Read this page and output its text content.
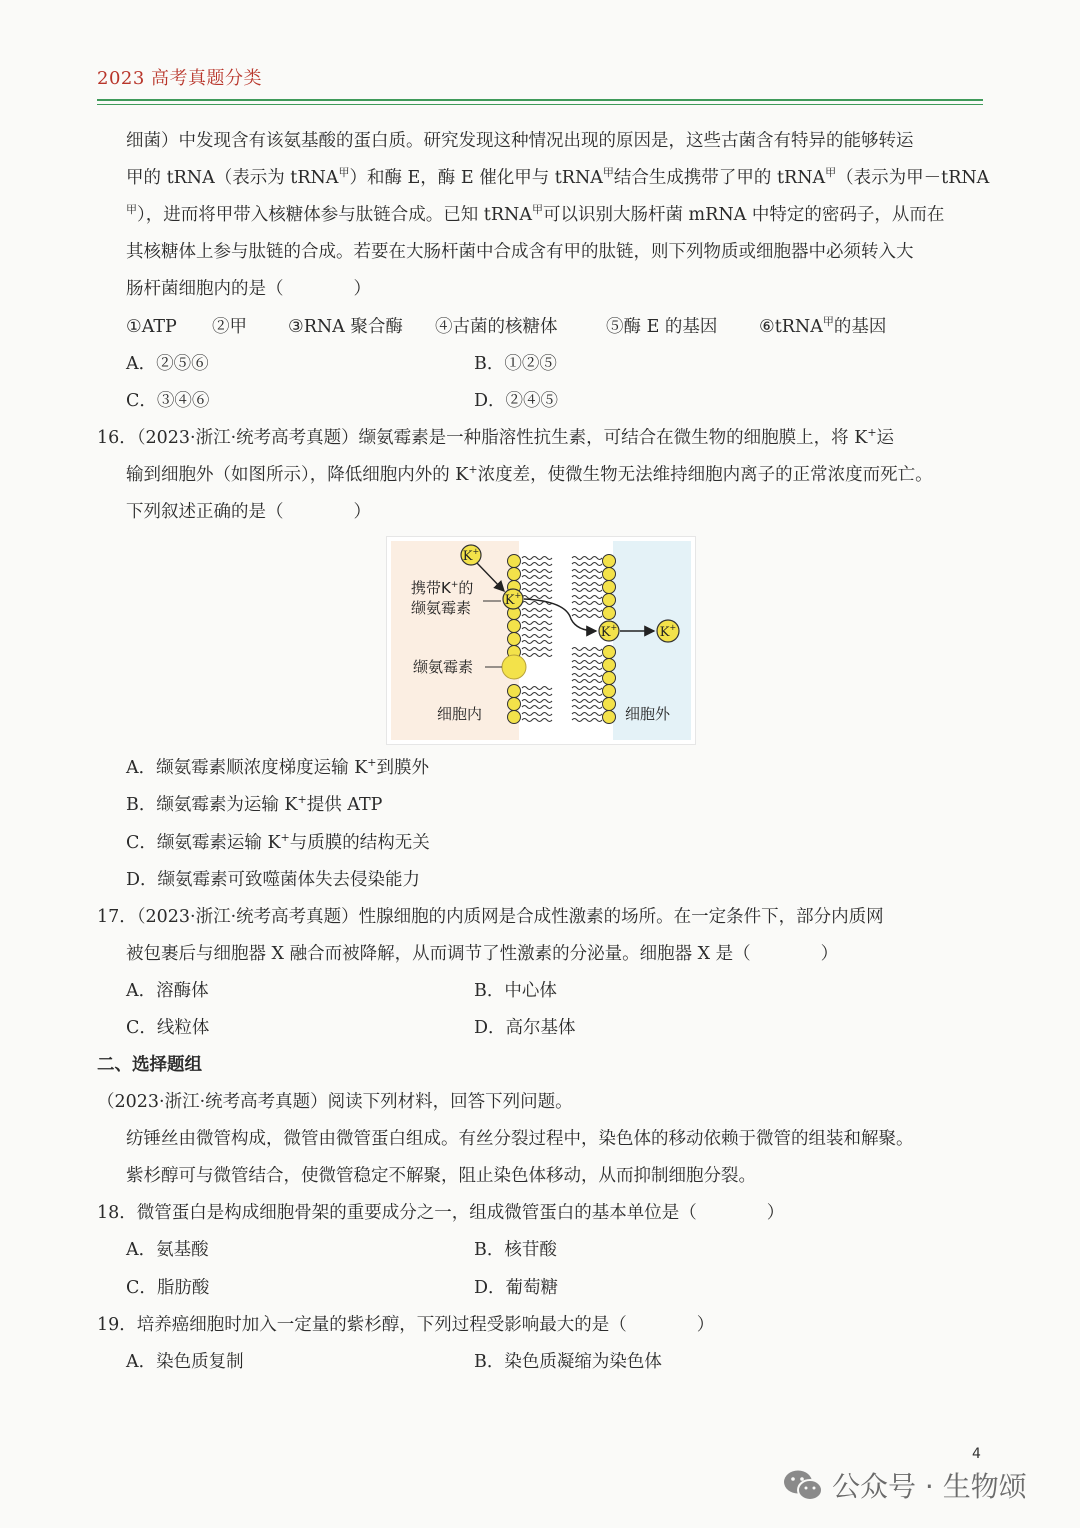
2023 高考真题分类
细菌）中发现含有该氨基酸的蛋白质。研究发现这种情况出现的原因是，这些古菌含有特异的能够转运
甲的 tRNA（表示为 tRNA$^甲$）和酶 E，酶 E 催化甲与 tRNA$^甲$结合生成携带了甲的 tRNA$^甲$（表示为甲－tRNA
$^甲$），进而将甲带入核糖体参与肽链合成。已知 tRNA$^甲$可以识别大肠杆菌 mRNA 中特定的密码子，从而在
其核糖体上参与肽链的合成。若要在大肠杆菌中合成含有甲的肽链，则下列物质或细胞器中必须转入大
肠杆菌细胞内的是（　　　　）
①ATP ②甲 ③RNA 聚合酶 ④古菌的核糖体	⑤酶 E 的基因 ⑥tRNA$^甲$的基因
A．②⑤⑥	B．①②⑤
C．③④⑥	D．②④⑤
16．（2023·浙江·统考高考真题）缬氨霉素是一种脂溶性抗生素，可结合在微生物的细胞膜上，将 K+运
输到细胞外（如图所示），降低细胞内外的 K+浓度差，使微生物无法维持细胞内离子的正常浓度而死亡。
下列叙述正确的是（　　　　）
K+
K+
K+	K+
携带K+的
缬氨霉素
缬氨霉素
细胞内	细胞外
A．缬氨霉素顺浓度梯度运输 K+到膜外
B．缬氨霉素为运输 K+提供 ATP
C．缬氨霉素运输 K+与质膜的结构无关
D．缬氨霉素可致噬菌体失去侵染能力
17．（2023·浙江·统考高考真题）性腺细胞的内质网是合成性激素的场所。在一定条件下，部分内质网
被包裹后与细胞器 X 融合而被降解，从而调节了性激素的分泌量。细胞器 X 是（　　　　）
A．溶酶体	B．中心体
C．线粒体	D．高尔基体
二、选择题组
（2023·浙江·统考高考真题）阅读下列材料，回答下列问题。
纺锤丝由微管构成，微管由微管蛋白组成。有丝分裂过程中，染色体的移动依赖于微管的组装和解聚。
紫杉醇可与微管结合，使微管稳定不解聚，阻止染色体移动，从而抑制细胞分裂。
18．微管蛋白是构成细胞骨架的重要成分之一，组成微管蛋白的基本单位是（　　　　）
A．氨基酸	B．核苷酸
C．脂肪酸	D．葡萄糖
19．培养癌细胞时加入一定量的紫杉醇，下列过程受影响最大的是（　　　　）
A．染色质复制	B．染色质凝缩为染色体
4
公众号 · 生物颂
